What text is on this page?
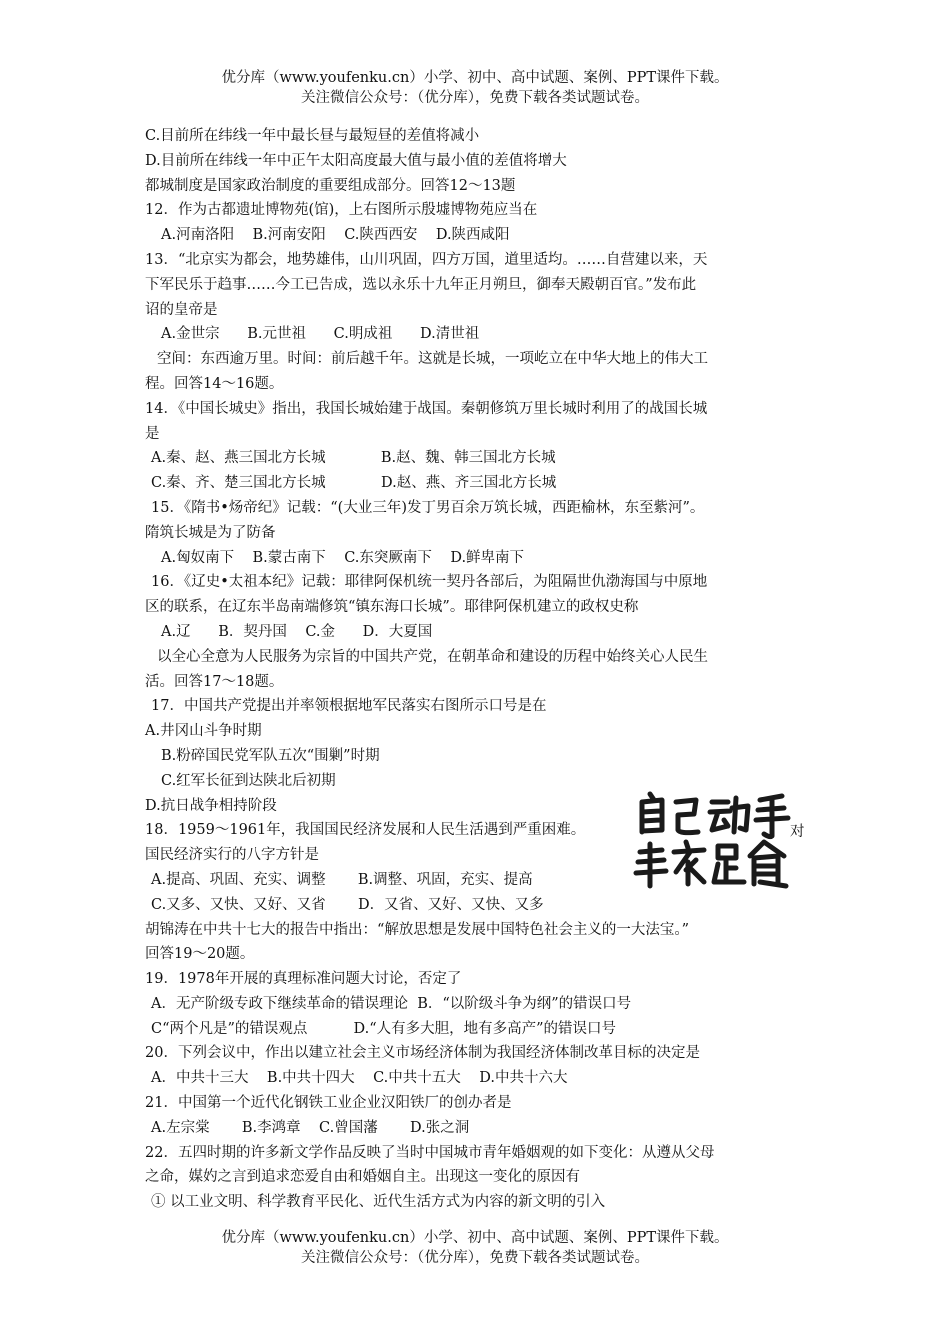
优分库（www.youfenku.cn）小学、初中、高中试题、案例、PPT课件下载。
关注微信公众号：（优分库），免费下载各类试题试卷。
C.目前所在纬线一年中最长昼与最短昼的差值将减小
D.目前所在纬线一年中正午太阳高度最大值与最小值的差值将增大
都城制度是国家政治制度的重要组成部分。回答12～13题
12．作为古都遗址博物苑(馆)，上右图所示殷墟博物苑应当在
A.河南洛阳    B.河南安阳    C.陕西西安    D.陕西咸阳
13．“北京实为都会，地势雄伟，山川巩固，四方万国，道里适均。……自营建以来，天
下军民乐于趋事……今工已告成，选以永乐十九年正月朔旦，御奉天殿朝百官。”发布此
诏的皇帝是
A.金世宗      B.元世祖      C.明成祖      D.清世祖
空间：东西逾万里。时间：前后越千年。这就是长城，一项屹立在中华大地上的伟大工
程。回答14～16题。
14．《中国长城史》指出，我国长城始建于战国。秦朝修筑万里长城时利用了的战国长城
是
A.秦、赵、燕三国北方长城            B.赵、魏、韩三国北方长城
C.秦、齐、楚三国北方长城            D.赵、燕、齐三国北方长城
15．《隋书•炀帝纪》记载：“(大业三年)发丁男百余万筑长城，西距榆林，东至紫河”。
隋筑长城是为了防备
A.匈奴南下    B.蒙古南下    C.东突厥南下    D.鲜卑南下
16．《辽史•太祖本纪》记载：耶律阿保机统一契丹各部后，为阻隔世仇渤海国与中原地
区的联系，在辽东半岛南端修筑“镇东海口长城”。耶律阿保机建立的政权史称
A.辽      B．契丹国    C.金      D．大夏国
以全心全意为人民服务为宗旨的中国共产党，在朝革命和建设的历程中始终关心人民生
活。回答17～18题。
17．中国共产党提出并率领根据地军民落实右图所示口号是在
A.井冈山斗争时期
B.粉碎国民党军队五次“围剿”时期
C.红军长征到达陕北后初期
D.抗日战争相持阶段
18．1959～1961年，我国国民经济发展和人民生活遇到严重困难。
国民经济实行的八字方针是
A.提高、巩固、充实、调整       B.调整、巩固，充实、提高
C.又多、又快、又好、又省       D．又省、又好、又快、又多
胡锦涛在中共十七大的报告中指出：“解放思想是发展中国特色社会主义的一大法宝。”
回答19～20题。
19．1978年开展的真理标准问题大讨论，否定了
A．无产阶级专政下继续革命的错误理论  B．“以阶级斗争为纲”的错误口号
C“两个凡是”的错误观点          D.“人有多大胆，地有多高产”的错误口号
20．下列会议中，作出以建立社会主义市场经济体制为我国经济体制改革目标的决定是
A．中共十三大    B.中共十四大    C.中共十五大    D.中共十六大
21．中国第一个近代化钢铁工业企业汉阳铁厂的创办者是
A.左宗棠       B.李鸿章    C.曾国藩       D.张之洞
22．五四时期的许多新文学作品反映了当时中国城市青年婚姻观的如下变化：从遵从父母
之命，媒妁之言到追求恋爱自由和婚姻自主。出现这一变化的原因有
① 以工业文明、科学教育平民化、近代生活方式为内容的新文明的引入
对
优分库（www.youfenku.cn）小学、初中、高中试题、案例、PPT课件下载。
关注微信公众号：（优分库），免费下载各类试题试卷。
